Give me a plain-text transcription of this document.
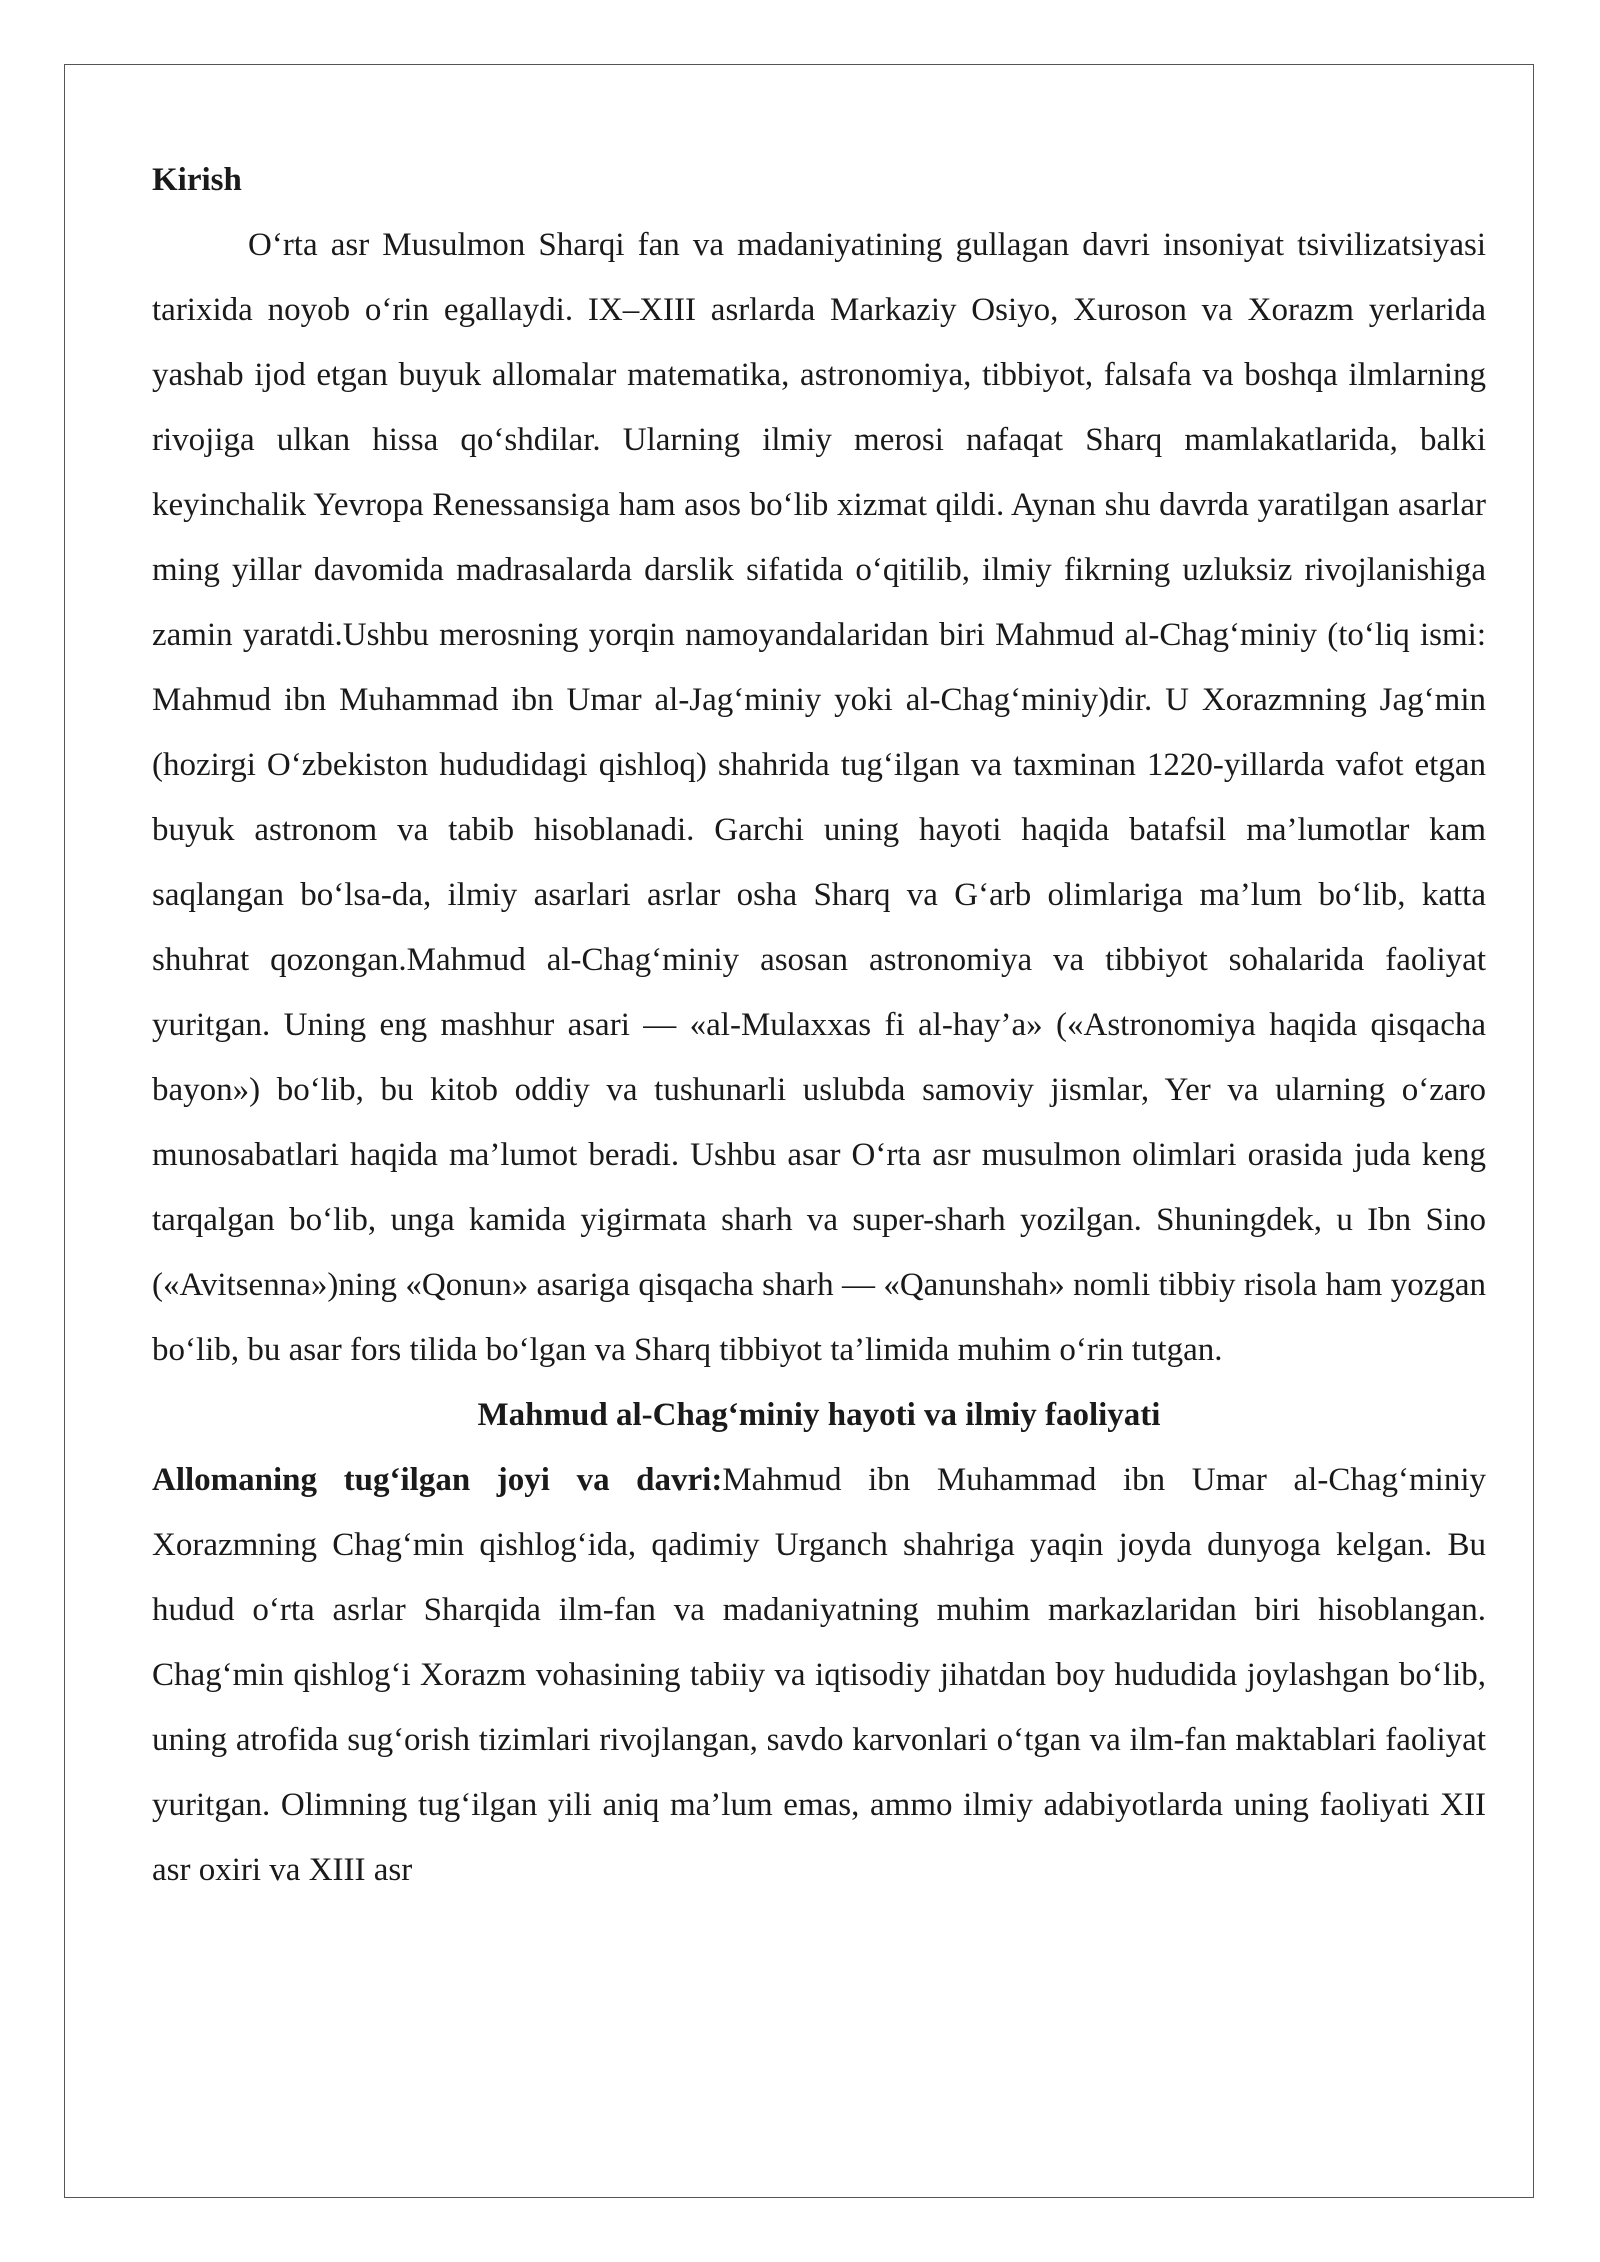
Kirish

O‘rta asr Musulmon Sharqi fan va madaniyatining gullagan davri insoniyat tsivilizatsiyasi tarixida noyob o‘rin egallaydi. IX–XIII asrlarda Markaziy Osiyo, Xuroson va Xorazm yerlarida yashab ijod etgan buyuk allomalar matematika, astronomiya, tibbiyot, falsafa va boshqa ilmlarning rivojiga ulkan hissa qo‘shdilar. Ularning ilmiy merosi nafaqat Sharq mamlakatlarida, balki keyinchalik Yevropa Renessansiga ham asos bo‘lib xizmat qildi. Aynan shu davrda yaratilgan asarlar ming yillar davomida madrasalarda darslik sifatida o‘qitilib, ilmiy fikrning uzluksiz rivojlanishiga zamin yaratdi.Ushbu merosning yorqin namoyandalaridan biri Mahmud al-Chag‘miniy (to‘liq ismi: Mahmud ibn Muhammad ibn Umar al-Jag‘miniy yoki al-Chag‘miniy)dir. U Xorazmning Jag‘min (hozirgi O‘zbekiston hududidagi qishloq) shahrida tug‘ilgan va taxminan 1220-yillarda vafot etgan buyuk astronom va tabib hisoblanadi. Garchi uning hayoti haqida batafsil ma’lumotlar kam saqlangan bo‘lsa-da, ilmiy asarlari asrlar osha Sharq va G‘arb olimlariga ma’lum bo‘lib, katta shuhrat qozongan.Mahmud al-Chag‘miniy asosan astronomiya va tibbiyot sohalarida faoliyat yuritgan. Uning eng mashhur asari — «al-Mulaxxas fi al-hay’a» («Astronomiya haqida qisqacha bayon») bo‘lib, bu kitob oddiy va tushunarli uslubda samoviy jismlar, Yer va ularning o‘zaro munosabatlari haqida ma’lumot beradi. Ushbu asar O‘rta asr musulmon olimlari orasida juda keng tarqalgan bo‘lib, unga kamida yigirmata sharh va super-sharh yozilgan. Shuningdek, u Ibn Sino («Avitsenna»)ning «Qonun» asariga qisqacha sharh — «Qanunshah» nomli tibbiy risola ham yozgan bo‘lib, bu asar fors tilida bo‘lgan va Sharq tibbiyot ta’limida muhim o‘rin tutgan.

Mahmud al-Chag‘miniy hayoti va ilmiy faoliyati

Allomaning tug‘ilgan joyi va davri:Mahmud ibn Muhammad ibn Umar al-Chag‘miniy Xorazmning Chag‘min qishlog‘ida, qadimiy Urganch shahriga yaqin joyda dunyoga kelgan. Bu hudud o‘rta asrlar Sharqida ilm-fan va madaniyatning muhim markazlaridan biri hisoblangan. Chag‘min qishlog‘i Xorazm vohasining tabiiy va iqtisodiy jihatdan boy hududida joylashgan bo‘lib, uning atrofida sug‘orish tizimlari rivojlangan, savdo karvonlari o‘tgan va ilm-fan maktablari faoliyat yuritgan. Olimning tug‘ilgan yili aniq ma’lum emas, ammo ilmiy adabiyotlarda uning faoliyati XII asr oxiri va XIII asr
